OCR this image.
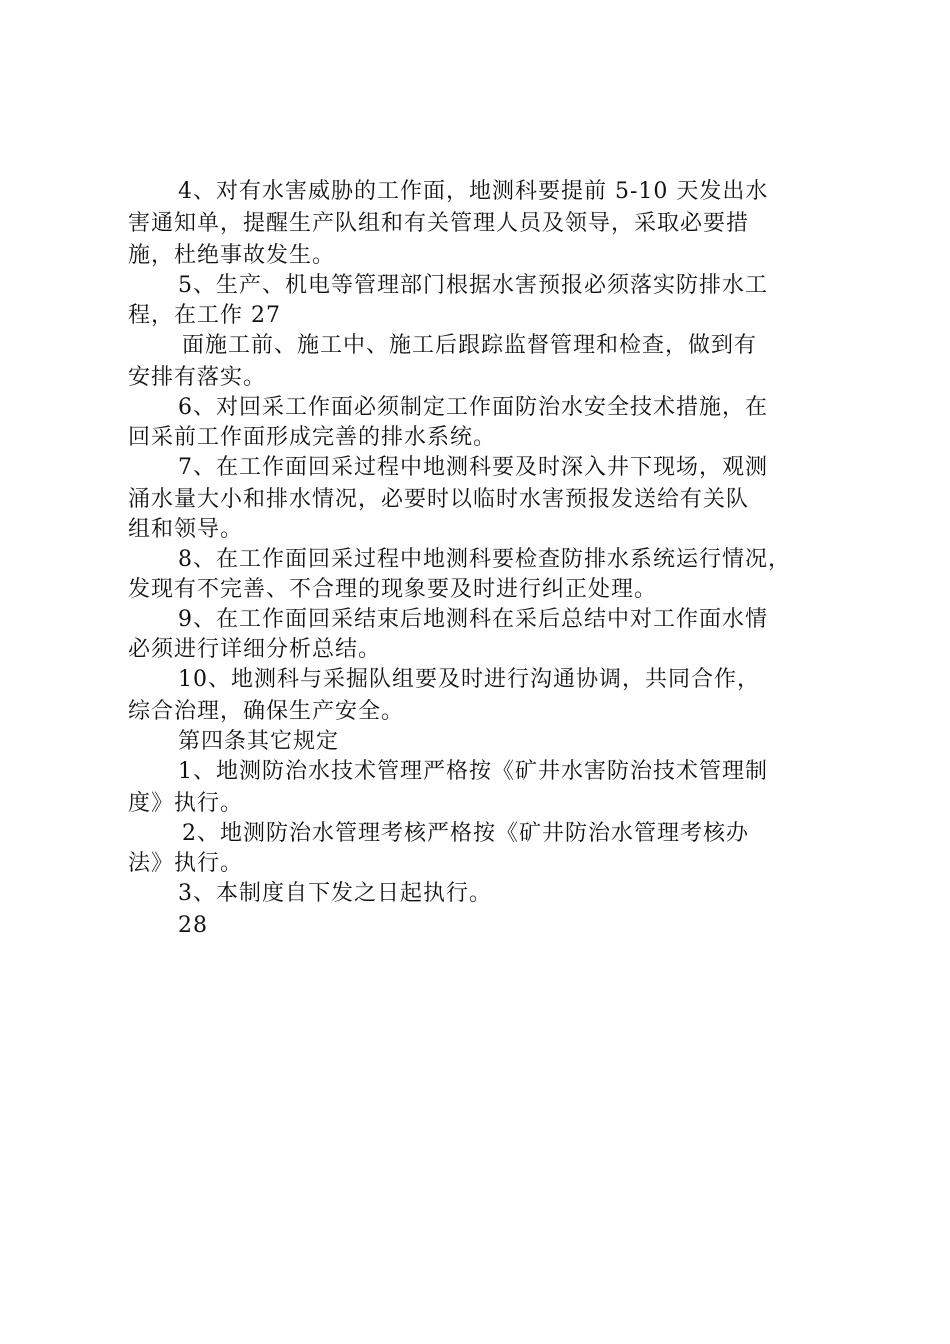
4、对有水害威胁的工作面，地测科要提前 5-10 天发出水
害通知单，提醒生产队组和有关管理人员及领导，采取必要措
施，杜绝事故发生。
5、生产、机电等管理部门根据水害预报必须落实防排水工
程，在工作 27
面施工前、施工中、施工后跟踪监督管理和检查，做到有
安排有落实。
6、对回采工作面必须制定工作面防治水安全技术措施，在
回采前工作面形成完善的排水系统。
7、在工作面回采过程中地测科要及时深入井下现场，观测
涌水量大小和排水情况，必要时以临时水害预报发送给有关队
组和领导。
8、在工作面回采过程中地测科要检查防排水系统运行情况，
发现有不完善、不合理的现象要及时进行纠正处理。
9、在工作面回采结束后地测科在采后总结中对工作面水情
必须进行详细分析总结。
10、地测科与采掘队组要及时进行沟通协调，共同合作，
综合治理，确保生产安全。
第四条其它规定
1、地测防治水技术管理严格按《矿井水害防治技术管理制
度》执行。
2、地测防治水管理考核严格按《矿井防治水管理考核办
法》执行。
3、本制度自下发之日起执行。
28
